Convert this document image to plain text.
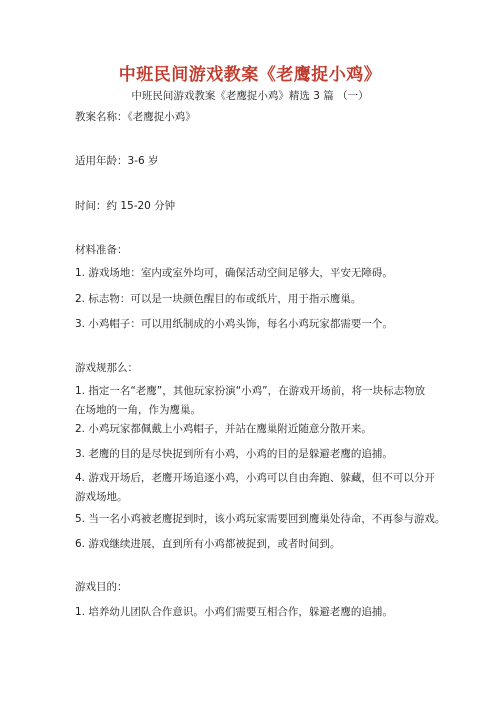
中班民间游戏教案《老鹰捉小鸡》
中班民间游戏教案《老鹰捉小鸡》精选 3 篇 （一）
教案名称：《老鹰捉小鸡》
适用年龄：3-6 岁
时间：约 15-20 分钟
材料准备：
1. 游戏场地：室内或室外均可，确保活动空间足够大，平安无障碍。
2. 标志物：可以是一块颜色醒目的布或纸片，用于指示鹰巢。
3. 小鸡帽子：可以用纸制成的小鸡头饰，每名小鸡玩家都需要一个。
游戏规那么：
1. 指定一名“老鹰”，其他玩家扮演“小鸡”，在游戏开场前，将一块标志物放在场地的一角，作为鹰巢。
2. 小鸡玩家都佩戴上小鸡帽子，并站在鹰巢附近随意分散开来。
3. 老鹰的目的是尽快捉到所有小鸡，小鸡的目的是躲避老鹰的追捕。
4. 游戏开场后，老鹰开场追逐小鸡，小鸡可以自由奔跑、躲藏，但不可以分开游戏场地。
5. 当一名小鸡被老鹰捉到时，该小鸡玩家需要回到鹰巢处待命，不再参与游戏。
6. 游戏继续进展，直到所有小鸡都被捉到，或者时间到。
游戏目的：
1. 培养幼儿团队合作意识。小鸡们需要互相合作，躲避老鹰的追捕。
